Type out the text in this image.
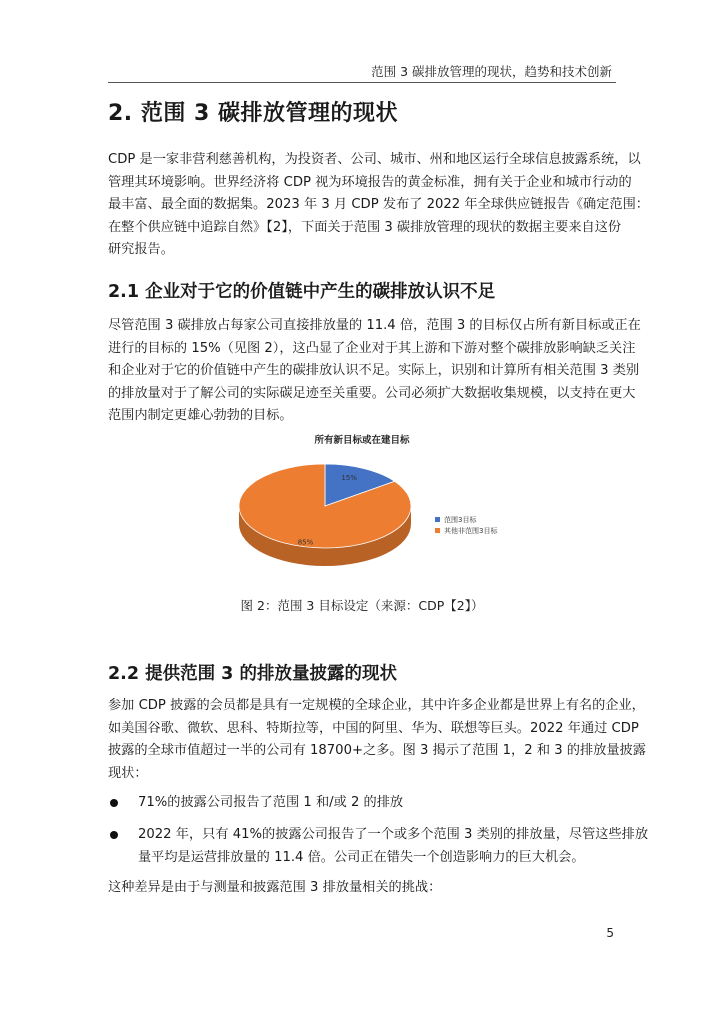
范围 3 碳排放管理的现状，趋势和技术创新
2. 范围 3 碳排放管理的现状

CDP 是一家非营利慈善机构，为投资者、公司、城市、州和地区运行全球信息披露系统，以
管理其环境影响。世界经济将 CDP 视为环境报告的黄金标准，拥有关于企业和城市行动的
最丰富、最全面的数据集。2023 年 3 月 CDP 发布了 2022 年全球供应链报告《确定范围：
在整个供应链中追踪自然》【2】，下面关于范围 3 碳排放管理的现状的数据主要来自这份
研究报告。

2.1 企业对于它的价值链中产生的碳排放认识不足

尽管范围 3 碳排放占每家公司直接排放量的 11.4 倍，范围 3 的目标仅占所有新目标或正在
进行的目标的 15%（见图 2），这凸显了企业对于其上游和下游对整个碳排放影响缺乏关注
和企业对于它的价值链中产生的碳排放认识不足。实际上，识别和计算所有相关范围 3 类别
的排放量对于了解公司的实际碳足迹至关重要。公司必须扩大数据收集规模，以支持在更大
范围内制定更雄心勃勃的目标。

所有新目标或在建目标
15%
85%
范围3目标
其他非范围3目标
图 2：范围 3 目标设定（来源：CDP【2】）
2.2 提供范围 3 的排放量披露的现状

参加 CDP 披露的会员都是具有一定规模的全球企业，其中许多企业都是世界上有名的企业，
如美国谷歌、微软、思科、特斯拉等，中国的阿里、华为、联想等巨头。2022 年通过 CDP
披露的全球市值超过一半的公司有 18700+之多。图 3 揭示了范围 1，2 和 3 的排放量披露
现状：

71%的披露公司报告了范围 1 和/或 2 的排放
2022 年，只有 41%的披露公司报告了一个或多个范围 3 类别的排放量，尽管这些排放
量平均是运营排放量的 11.4 倍。公司正在错失一个创造影响力的巨大机会。

这种差异是由于与测量和披露范围 3 排放量相关的挑战：

5
